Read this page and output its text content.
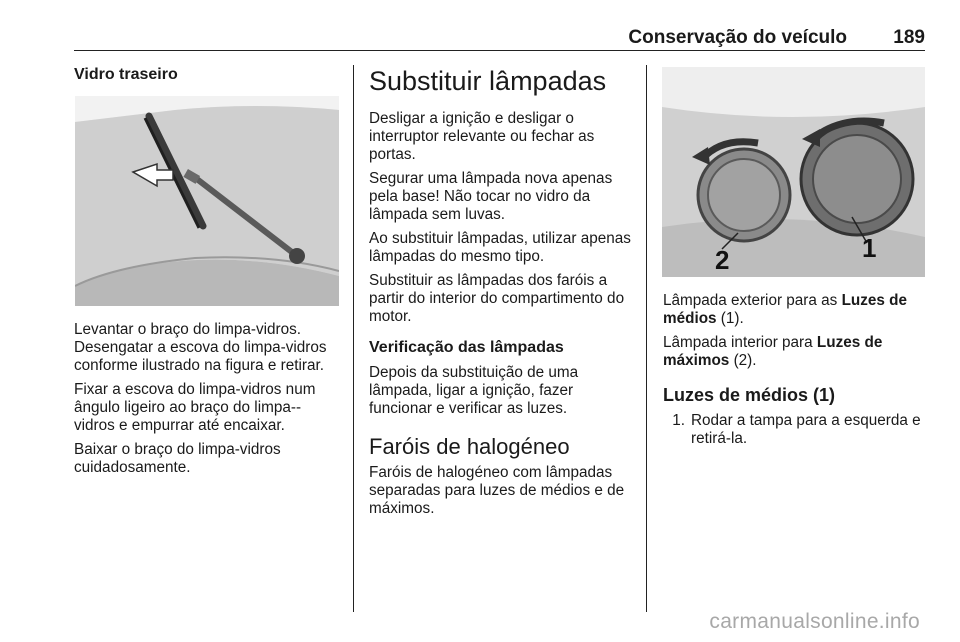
Conservação do veículo 189
Vidro traseiro

Levantar o braço do limpa-vidros. Desengatar a escova do limpa-vidros conforme ilustrado na figura e retirar.

Fixar a escova do limpa-vidros num ângulo ligeiro ao braço do limpa--vidros e empurrar até encaixar.

Baixar o braço do limpa-vidros cuidadosamente.

Substituir lâmpadas

Desligar a ignição e desligar o interruptor relevante ou fechar as portas.

Segurar uma lâmpada nova apenas pela base! Não tocar no vidro da lâmpada sem luvas.

Ao substituir lâmpadas, utilizar apenas lâmpadas do mesmo tipo.

Substituir as lâmpadas dos faróis a partir do interior do compartimento do motor.

Verificação das lâmpadas

Depois da substituição de uma lâmpada, ligar a ignição, fazer funcionar e verificar as luzes.

Faróis de halogéneo

Faróis de halogéneo com lâmpadas separadas para luzes de médios e de máximos.

1
2

Lâmpada exterior para as Luzes de médios (1).

Lâmpada interior para Luzes de máximos (2).

Luzes de médios (1)
1. Rodar a tampa para a esquerda e retirá-la.
carmanualsonline.info
